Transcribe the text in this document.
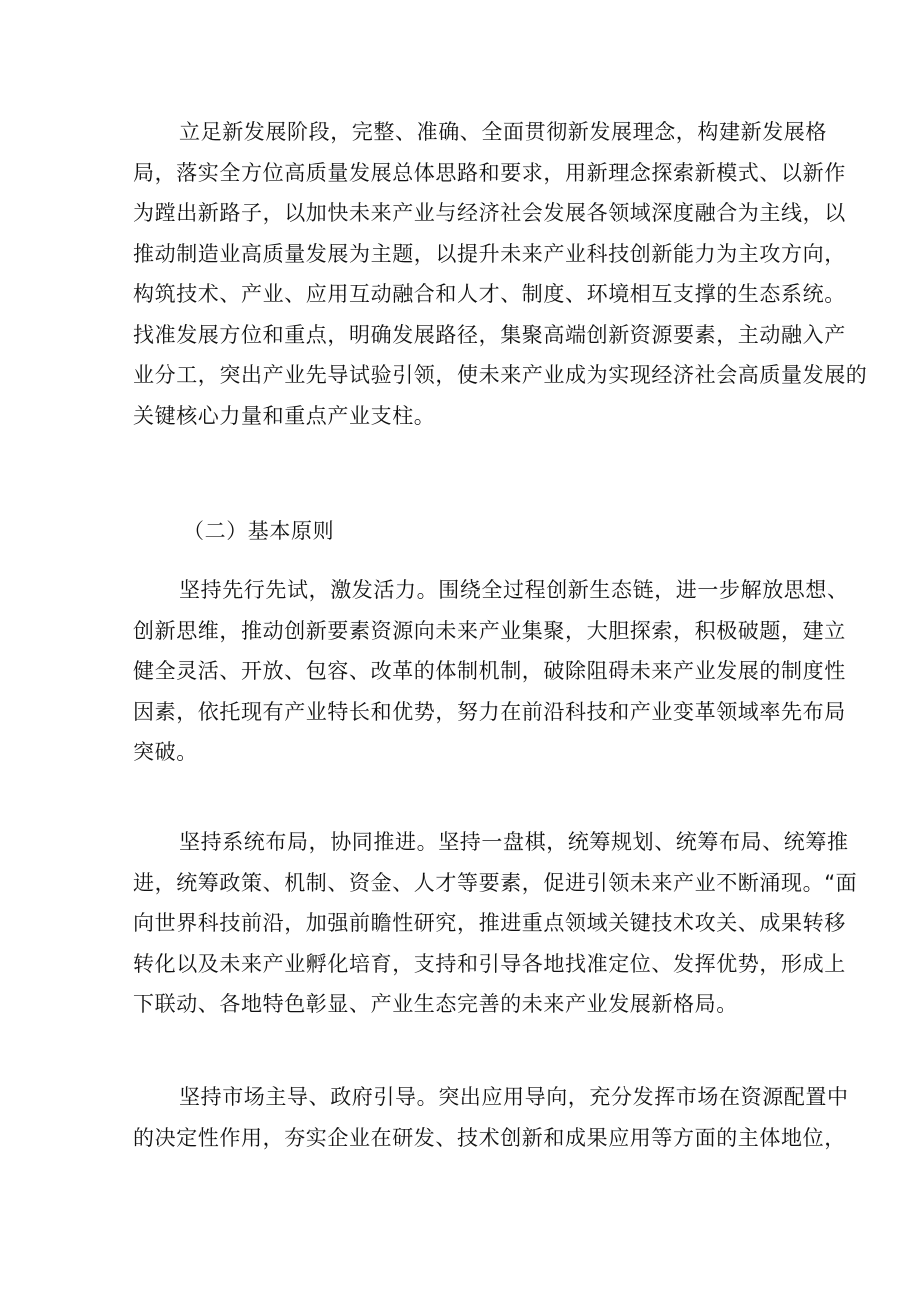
立足新发展阶段，完整、准确、全面贯彻新发展理念，构建新发展格
局，落实全方位高质量发展总体思路和要求，用新理念探索新模式、以新作
为蹚出新路子，以加快未来产业与经济社会发展各领域深度融合为主线，以
推动制造业高质量发展为主题，以提升未来产业科技创新能力为主攻方向，
构筑技术、产业、应用互动融合和人才、制度、环境相互支撑的生态系统。
找准发展方位和重点，明确发展路径，集聚高端创新资源要素，主动融入产
业分工，突出产业先导试验引领，使未来产业成为实现经济社会高质量发展的
关键核心力量和重点产业支柱。

（二）基本原则

坚持先行先试，激发活力。围绕全过程创新生态链，进一步解放思想、
创新思维，推动创新要素资源向未来产业集聚，大胆探索，积极破题，建立
健全灵活、开放、包容、改革的体制机制，破除阻碍未来产业发展的制度性
因素，依托现有产业特长和优势，努力在前沿科技和产业变革领域率先布局
突破。

坚持系统布局，协同推进。坚持一盘棋，统筹规划、统筹布局、统筹推
进，统筹政策、机制、资金、人才等要素，促进引领未来产业不断涌现。“面
向世界科技前沿，加强前瞻性研究，推进重点领域关键技术攻关、成果转移
转化以及未来产业孵化培育，支持和引导各地找准定位、发挥优势，形成上
下联动、各地特色彰显、产业生态完善的未来产业发展新格局。

坚持市场主导、政府引导。突出应用导向，充分发挥市场在资源配置中
的决定性作用，夯实企业在研发、技术创新和成果应用等方面的主体地位，
